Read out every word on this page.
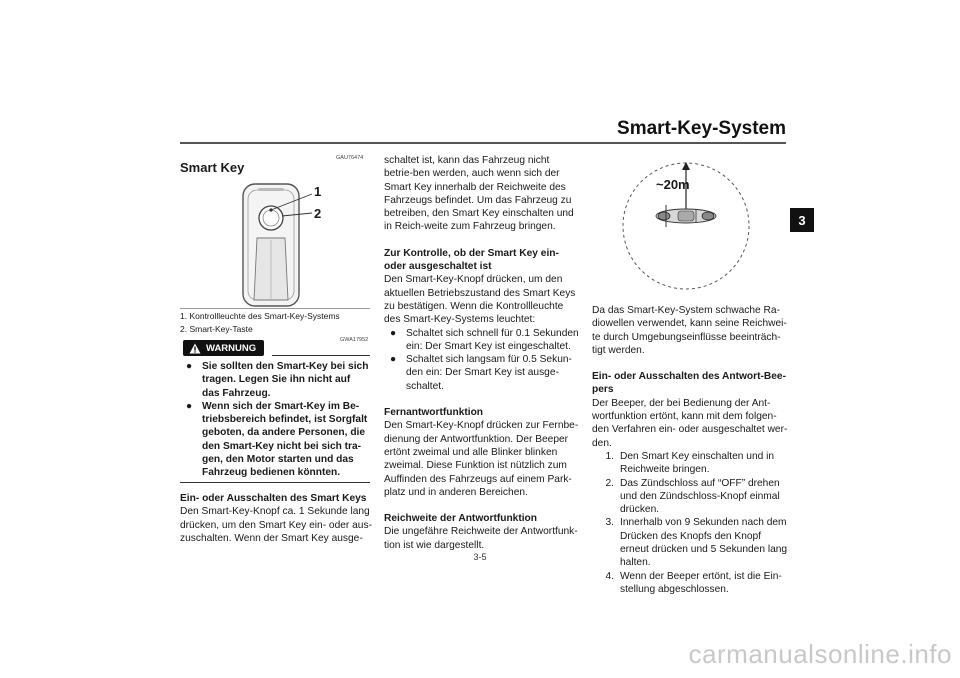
Smart-Key-System
3
GAU76474
Smart Key
1
2
1. Kontrollleuchte des Smart-Key-Systems
2. Smart-Key-Taste
GWA17952
WARNUNG
● Sie sollten den Smart-Key bei sich tragen. Legen Sie ihn nicht auf das Fahrzeug.
● Wenn sich der Smart-Key im Be-triebsbereich befindet, ist Sorgfalt geboten, da andere Personen, die den Smart-Key nicht bei sich tra-gen, den Motor starten und das Fahrzeug bedienen könnten.
Ein- oder Ausschalten des Smart Keys
Den Smart-Key-Knopf ca. 1 Sekunde lang drücken, um den Smart Key ein- oder aus-zuschalten. Wenn der Smart Key ausge-
schaltet ist, kann das Fahrzeug nicht betrie-ben werden, auch wenn sich der Smart Key innerhalb der Reichweite des Fahrzeugs befindet. Um das Fahrzeug zu betreiben, den Smart Key einschalten und in Reich-weite zum Fahrzeug bringen.
Zur Kontrolle, ob der Smart Key ein- oder ausgeschaltet ist
Den Smart-Key-Knopf drücken, um den aktuellen Betriebszustand des Smart Keys zu bestätigen. Wenn die Kontrollleuchte des Smart-Key-Systems leuchtet:
● Schaltet sich schnell für 0.1 Sekunden ein: Der Smart Key ist eingeschaltet.
● Schaltet sich langsam für 0.5 Sekun-den ein: Der Smart Key ist ausge-schaltet.
Fernantwortfunktion
Den Smart-Key-Knopf drücken zur Fernbe-dienung der Antwortfunktion. Der Beeper ertönt zweimal und alle Blinker blinken zweimal. Diese Funktion ist nützlich zum Auffinden des Fahrzeugs auf einem Park-platz und in anderen Bereichen.
Reichweite der Antwortfunktion
Die ungefähre Reichweite der Antwortfunk-tion ist wie dargestellt.
~20m
Da das Smart-Key-System schwache Ra-diowellen verwendet, kann seine Reichwei-te durch Umgebungseinflüsse beeinträch-tigt werden.
Ein- oder Ausschalten des Antwort-Bee-pers
Der Beeper, der bei Bedienung der Ant-wortfunktion ertönt, kann mit dem folgen-den Verfahren ein- oder ausgeschaltet wer-den.
1. Den Smart Key einschalten und in Reichweite bringen.
2. Das Zündschloss auf “OFF” drehen und den Zündschloss-Knopf einmal drücken.
3. Innerhalb von 9 Sekunden nach dem Drücken des Knopfs den Knopf erneut drücken und 5 Sekunden lang halten.
4. Wenn der Beeper ertönt, ist die Ein-stellung abgeschlossen.
3-5
carmanualsonline.info
